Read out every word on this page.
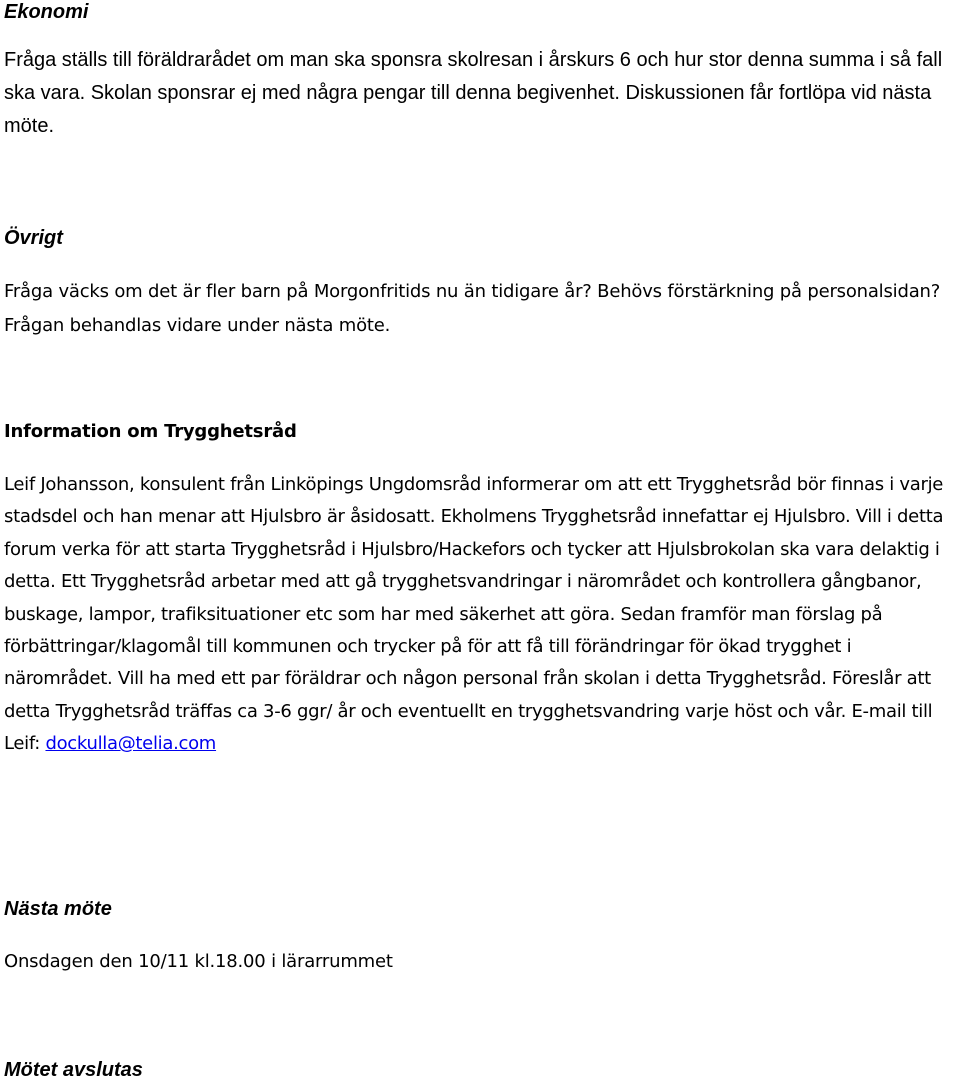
Ekonomi

Fråga ställs till föräldrarådet om man ska sponsra skolresan i årskurs 6 och hur stor denna summa i så fall ska vara. Skolan sponsrar ej med några pengar till denna begivenhet. Diskussionen får fortlöpa vid nästa möte.

Övrigt

Fråga väcks om det är fler barn på Morgonfritids nu än tidigare år? Behövs förstärkning på personalsidan? Frågan behandlas vidare under nästa möte.

Information om Trygghetsråd

Leif Johansson, konsulent från Linköpings Ungdomsråd informerar om att ett Trygghetsråd bör finnas i varje stadsdel och han menar att Hjulsbro är åsidosatt. Ekholmens Trygghetsråd innefattar ej Hjulsbro. Vill i detta forum verka för att starta Trygghetsråd i Hjulsbro/Hackefors och tycker att Hjulsbrokolan ska vara delaktig i detta. Ett Trygghetsråd arbetar med att gå trygghetsvandringar i närområdet och kontrollera gångbanor, buskage, lampor, trafiksituationer etc som har med säkerhet att göra. Sedan framför man förslag på förbättringar/klagomål till kommunen och trycker på för att få till förändringar för ökad trygghet i närområdet. Vill ha med ett par föräldrar och någon personal från skolan i detta Trygghetsråd. Föreslår att detta Trygghetsråd träffas ca 3-6 ggr/ år och eventuellt en trygghetsvandring varje höst och vår. E-mail till Leif: dockulla@telia.com

Nästa möte

Onsdagen den 10/11 kl.18.00 i lärarrummet

Mötet avslutas
